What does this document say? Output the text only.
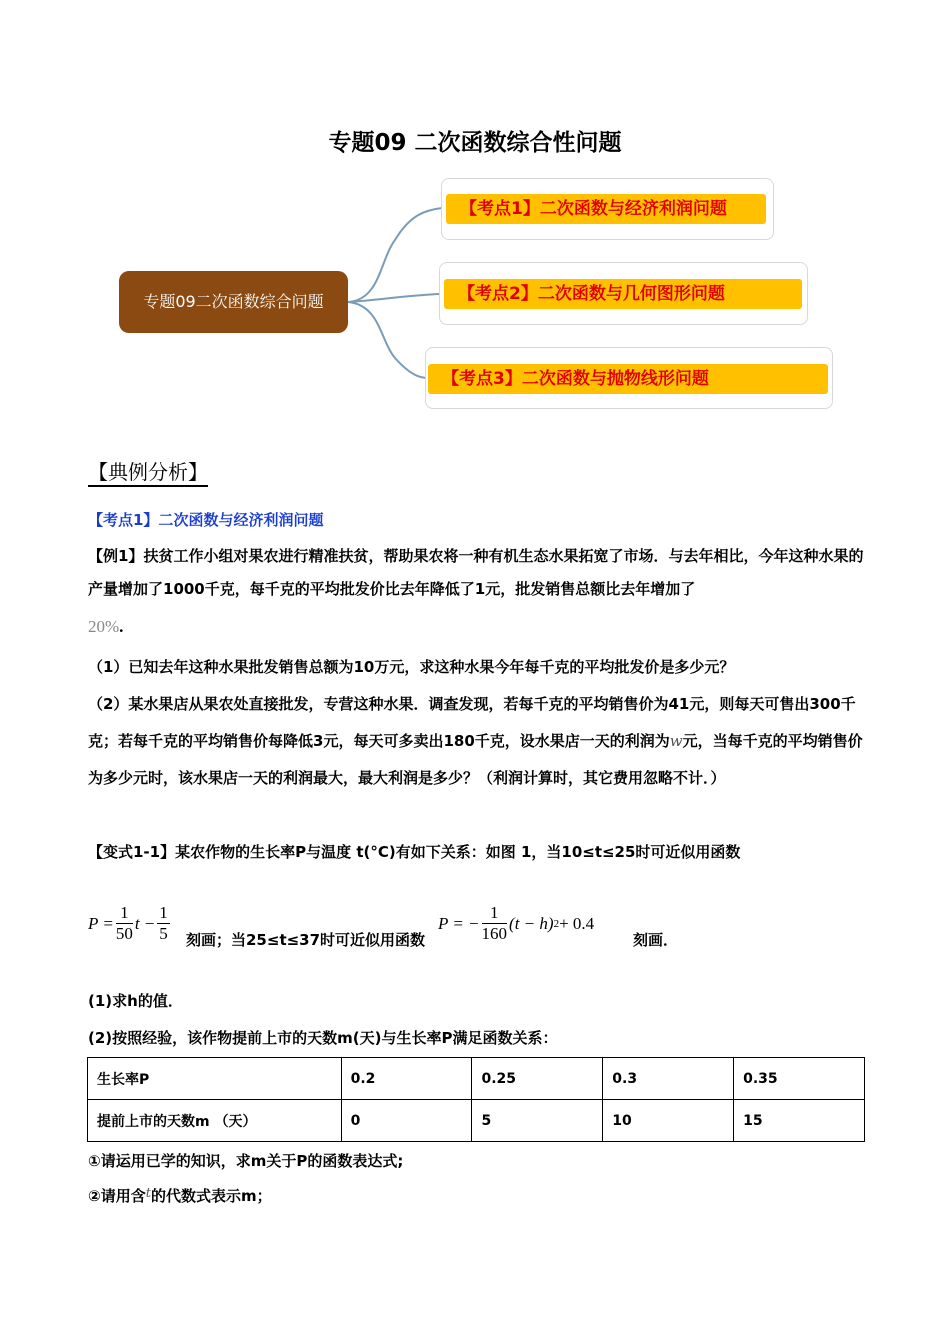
专题09 二次函数综合性问题
专题09二次函数综合问题
【考点1】二次函数与经济利润问题
【考点2】二次函数与几何图形问题
【考点3】二次函数与抛物线形问题
【典例分析】
【考点1】二次函数与经济利润问题
【例1】扶贫工作小组对果农进行精准扶贫，帮助果农将一种有机生态水果拓宽了市场．与去年相比，今年这种水果的产量增加了1000千克，每千克的平均批发价比去年降低了1元，批发销售总额比去年增加了
20%.
（1）已知去年这种水果批发销售总额为10万元，求这种水果今年每千克的平均批发价是多少元？
（2）某水果店从果农处直接批发，专营这种水果．调查发现，若每千克的平均销售价为41元，则每天可售出300千克；若每千克的平均销售价每降低3元，每天可多卖出180千克，设水果店一天的利润为w元，当每千克的平均销售价为多少元时，该水果店一天的利润最大，最大利润是多少？（利润计算时，其它费用忽略不计．）
【变式1-1】某农作物的生长率P与温度 t(°C)有如下关系：如图 1，当10≤t≤25时可近似用函数
$P = \frac{1}{50}$ $t - \frac{1}{5}$ 刻画；当25≤t≤37时可近似用函数
P = − $\frac{1}{160} (t - h) 2 + 0.4$
刻画．
(1)求h的值．
(2)按照经验，该作物提前上市的天数m(天)与生长率P满足函数关系：
生长率P	0.2	0.25	0.3	0.35
提前上市的天数m （天）	0	5	10	15
①请运用已学的知识，求m关于P的函数表达式;
②请用含t的代数式表示m；
